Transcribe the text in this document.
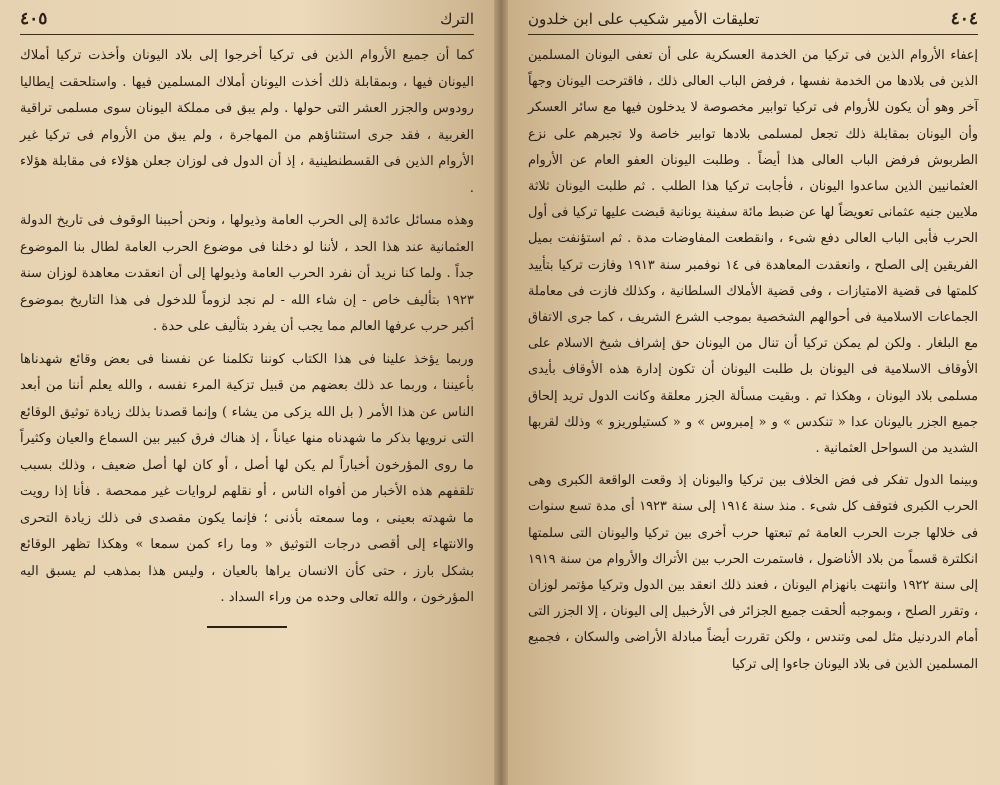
الترك
٤٠٥

كما أن جميع الأروام الذين فى تركيا أخرجوا إلى بلاد اليونان وأخذت تركيا أملاك اليونان فيها ، وبمقابلة ذلك أخذت اليونان أملاك المسلمين فيها . واستلحقت إيطاليا رودوس والجزر العشر التى حولها . ولم يبق فى مملكة اليونان سوى مسلمى تراقية الغربية ، فقد جرى استثناؤهم من المهاجرة ، ولم يبق من الأروام فى تركيا غير الأروام الذين فى القسطنطينية ، إذ أن الدول فى لوزان جعلن هؤلاء فى مقابلة هؤلاء .

وهذه مسائل عائدة إلى الحرب العامة وذيولها ، ونحن أحببنا الوقوف فى تاريخ الدولة العثمانية عند هذا الحد ، لأننا لو دخلنا فى موضوع الحرب العامة لطال بنا الموضوع جداً . ولما كنا نريد أن نفرد الحرب العامة وذيولها إلى أن انعقدت معاهدة لوزان سنة ١٩٢٣ بتأليف خاص - إن شاء الله - لم نجد لزوماً للدخول فى هذا التاريخ بموضوع أكبر حرب عرفها العالم مما يجب أن يفرد بتأليف على حدة .

وربما يؤخذ علينا فى هذا الكتاب كوننا تكلمنا عن نفسنا فى بعض وقائع شهدناها بأعيننا ، وربما عد ذلك بعضهم من قبيل تزكية المرء نفسه ، والله يعلم أننا من أبعد الناس عن هذا الأمر ( بل الله يزكى من يشاء ) وإنما قصدنا بذلك زيادة توثيق الوقائع التى نرويها بذكر ما شهدناه منها عياناً ، إذ هناك فرق كبير بين السماع والعيان وكثيراً ما روى المؤرخون أخباراً لم يكن لها أصل ، أو كان لها أصل ضعيف ، وذلك بسبب تلقفهم هذه الأخبار من أفواه الناس ، أو نقلهم لروايات غير ممحصة . فأنا إذا رويت ما شهدته بعينى ، وما سمعته بأذنى ؛ فإنما يكون مقصدى فى ذلك زيادة التحرى والانتهاء إلى أقصى درجات التوثيق « وما راء كمن سمعا » وهكذا تظهر الوقائع بشكل بارز ، حتى كأن الانسان يراها بالعيان ، وليس هذا بمذهب لم يسبق اليه المؤرخون ، والله تعالى وحده من وراء السداد .

٤٠٤
تعليقات الأمير شكيب على ابن خلدون

إعفاء الأروام الذين فى تركيا من الخدمة العسكرية على أن تعفى اليونان المسلمين الذين فى بلادها من الخدمة نفسها ، فرفض الباب العالى ذلك ، فاقترحت اليونان وجهاً آخر وهو أن يكون للأروام فى تركيا توابير مخصوصة لا يدخلون فيها مع سائر العسكر وأن اليونان بمقابلة ذلك تجعل لمسلمى بلادها توابير خاصة ولا تجبرهم على نزع الطربوش فرفض الباب العالى هذا أيضاً . وطلبت اليونان العفو العام عن الأروام العثمانيين الذين ساعدوا اليونان ، فأجابت تركيا هذا الطلب . ثم طلبت اليونان ثلاثة ملايين جنيه عثمانى تعويضاً لها عن ضبط مائة سفينة يونانية قبضت عليها تركيا فى أول الحرب فأبى الباب العالى دفع شىء ، وانقطعت المفاوضات مدة . ثم استؤنفت بميل الفريقين إلى الصلح ، وانعقدت المعاهدة فى ١٤ نوفمبر سنة ١٩١٣ وفازت تركيا بتأييد كلمتها فى قضية الامتيازات ، وفى قضية الأملاك السلطانية ، وكذلك فازت فى معاملة الجماعات الاسلامية فى أحوالهم الشخصية بموجب الشرع الشريف ، كما جرى الاتفاق مع البلغار . ولكن لم يمكن تركيا أن تنال من اليونان حق إشراف شيخ الاسلام على الأوقاف الاسلامية فى اليونان بل طلبت اليونان أن تكون إدارة هذه الأوقاف بأيدى مسلمى بلاد اليونان ، وهكذا تم . وبقيت مسألة الجزر معلقة وكانت الدول تريد إلحاق جميع الجزر باليونان عدا « تنكدس » و « إمبروس » و « كستيلوريزو » وذلك لقربها الشديد من السواحل العثمانية .

وبينما الدول تفكر فى فض الخلاف بين تركيا واليونان إذ وقعت الواقعة الكبرى وهى الحرب الكبرى فتوقف كل شىء . منذ سنة ١٩١٤ إلى سنة ١٩٢٣ أى مدة تسع سنوات فى خلالها جرت الحرب العامة ثم تبعتها حرب أخرى بين تركيا واليونان التى سلمتها انكلترة قسماً من بلاد الأناضول ، فاستمرت الحرب بين الأتراك والأروام من سنة ١٩١٩ إلى سنة ١٩٢٢ وانتهت بانهزام اليونان ، فعند ذلك انعقد بين الدول وتركيا مؤتمر لوزان ، وتقرر الصلح ، وبموجبه ألحقت جميع الجزائر فى الأرخبيل إلى اليونان ، إلا الجزر التى أمام الدردنيل مثل لمى وتندس ، ولكن تقررت أيضاً مبادلة الأراضى والسكان ، فجميع المسلمين الذين فى بلاد اليونان جاءوا إلى تركيا
